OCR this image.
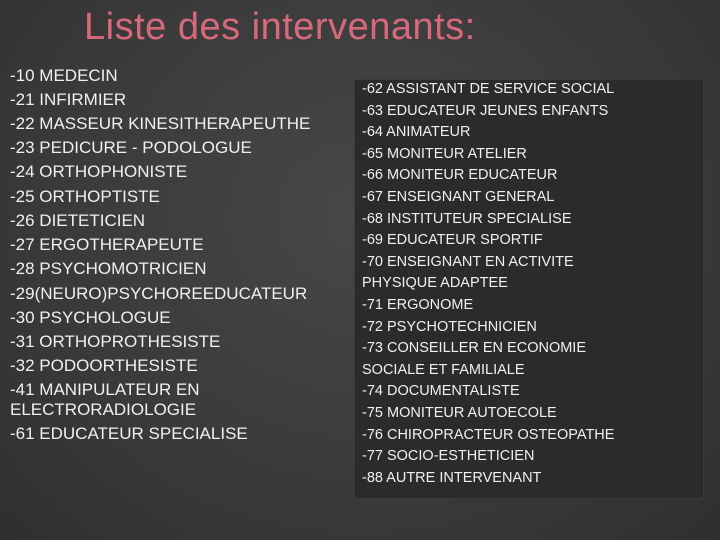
Liste des intervenants:
-10 MEDECIN
-21 INFIRMIER
-22 MASSEUR KINESITHERAPEUTHE
-23 PEDICURE - PODOLOGUE
-24 ORTHOPHONISTE
-25 ORTHOPTISTE
-26 DIETETICIEN
-27 ERGOTHERAPEUTE
-28 PSYCHOMOTRICIEN
-29(NEURO)PSYCHOREEDUCATEUR
-30 PSYCHOLOGUE
-31 ORTHOPROTHESISTE
-32 PODOORTHESISTE
-41 MANIPULATEUR EN
ELECTRORADIOLOGIE
-61 EDUCATEUR SPECIALISE
-62 ASSISTANT DE SERVICE SOCIAL
-63 EDUCATEUR JEUNES ENFANTS
-64 ANIMATEUR
-65 MONITEUR ATELIER
-66 MONITEUR EDUCATEUR
-67 ENSEIGNANT GENERAL
-68 INSTITUTEUR SPECIALISE
-69 EDUCATEUR SPORTIF
-70 ENSEIGNANT EN ACTIVITE
PHYSIQUE ADAPTEE
-71 ERGONOME
-72 PSYCHOTECHNICIEN
-73 CONSEILLER EN ECONOMIE
SOCIALE ET FAMILIALE
-74 DOCUMENTALISTE
-75 MONITEUR AUTOECOLE
-76 CHIROPRACTEUR OSTEOPATHE
-77 SOCIO-ESTHETICIEN
-88 AUTRE INTERVENANT
